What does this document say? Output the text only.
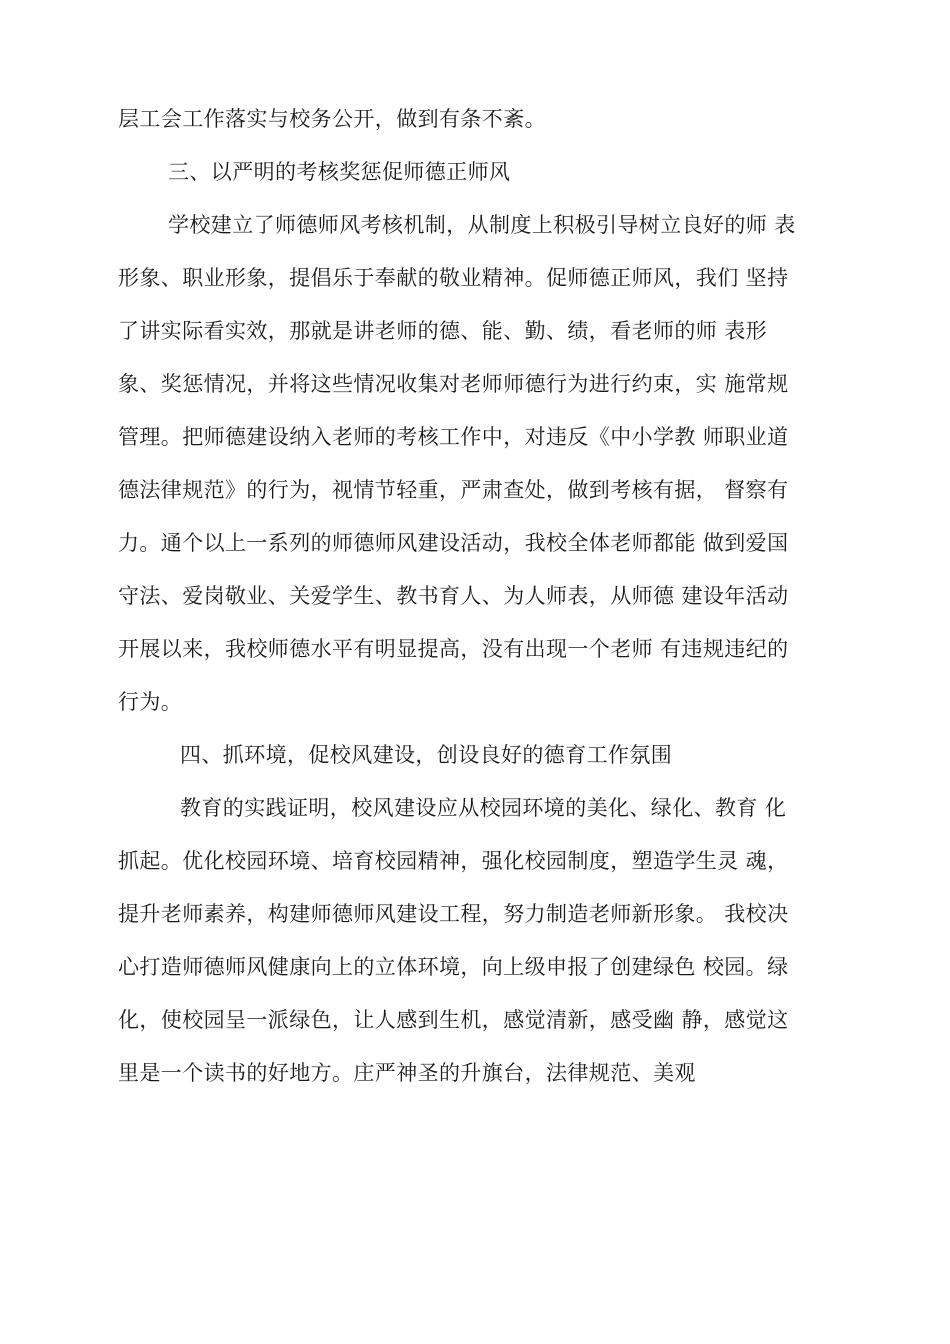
层工会工作落实与校务公开，做到有条不紊。
三、以严明的考核奖惩促师德正师风
学校建立了师德师风考核机制，从制度上积极引导树立良好的师 表
形象、职业形象，提倡乐于奉献的敬业精神。促师德正师风，我们 坚持
了讲实际看实效，那就是讲老师的德、能、勤、绩，看老师的师 表形
象、奖惩情况，并将这些情况收集对老师师德行为进行约束，实 施常规
管理。把师德建设纳入老师的考核工作中，对违反《中小学教 师职业道
德法律规范》的行为，视情节轻重，严肃查处，做到考核有据， 督察有
力。通个以上一系列的师德师风建设活动，我校全体老师都能 做到爱国
守法、爱岗敬业、关爱学生、教书育人、为人师表，从师德 建设年活动
开展以来，我校师德水平有明显提高，没有出现一个老师 有违规违纪的
行为。
四、抓环境，促校风建设，创设良好的德育工作氛围
教育的实践证明，校风建设应从校园环境的美化、绿化、教育 化
抓起。优化校园环境、培育校园精神，强化校园制度，塑造学生灵 魂，
提升老师素养，构建师德师风建设工程，努力制造老师新形象。 我校决
心打造师德师风健康向上的立体环境，向上级申报了创建绿色 校园。绿
化，使校园呈一派绿色，让人感到生机，感觉清新，感受幽 静，感觉这
里是一个读书的好地方。庄严神圣的升旗台，法律规范、美观
